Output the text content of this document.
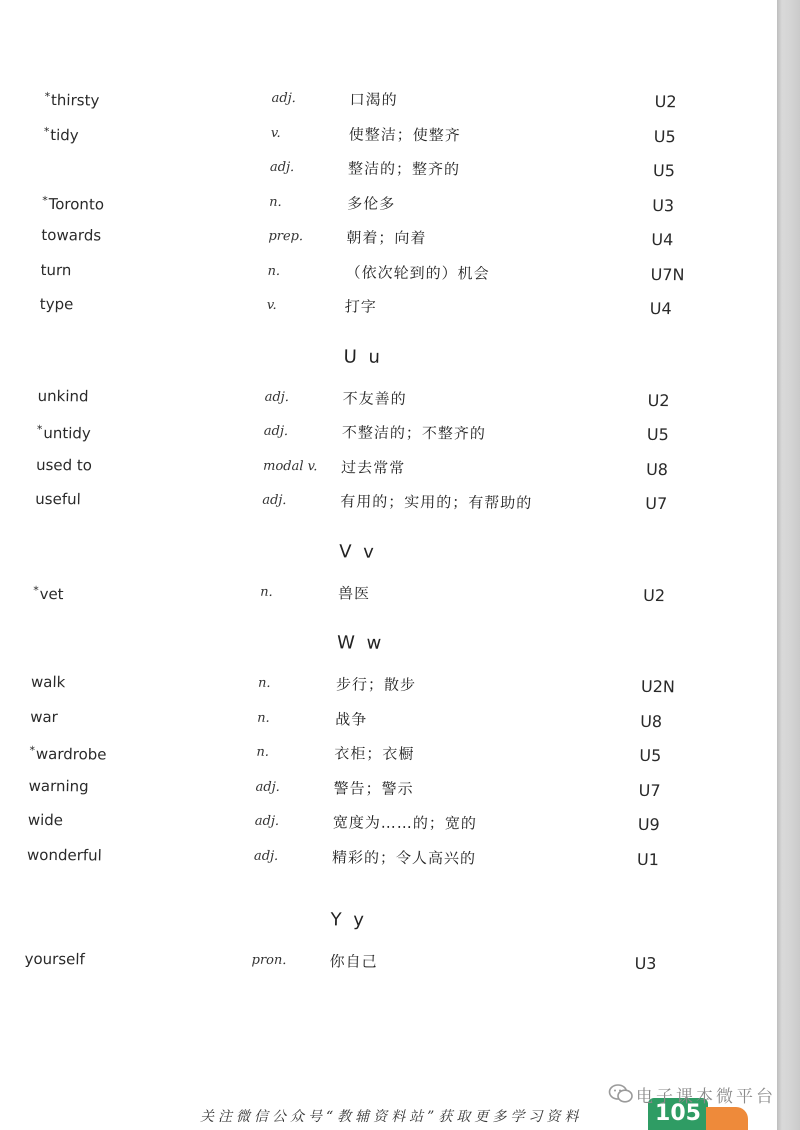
*thirsty	adj.	口渴的	U2
*tidy	v.	使整洁；使整齐	U5
adj.	整洁的；整齐的	U5
*Toronto	n.	多伦多	U3
towards	prep.	朝着；向着	U4
turn	n.	（依次轮到的）机会	U7N
type	v.	打字	U4
U u
unkind	adj.	不友善的	U2
*untidy	adj.	不整洁的；不整齐的	U5
used to	modal v. 过去常常	U8
useful	adj.	有用的；实用的；有帮助的	U7
V v
*vet	n.	兽医	U2
W w
walk	n.	步行；散步	U2N
war	n.	战争	U8
*wardrobe	n.	衣柜；衣橱	U5
warning	adj.	警告；警示	U7
wide	adj.	宽度为……的；宽的	U9
wonderful	adj.	精彩的；令人高兴的	U1
Y y
yourself	pron.	你自己	U3
关注微信公众号“教辅资料站”获取更多学习资料	105
电子课本微平台
